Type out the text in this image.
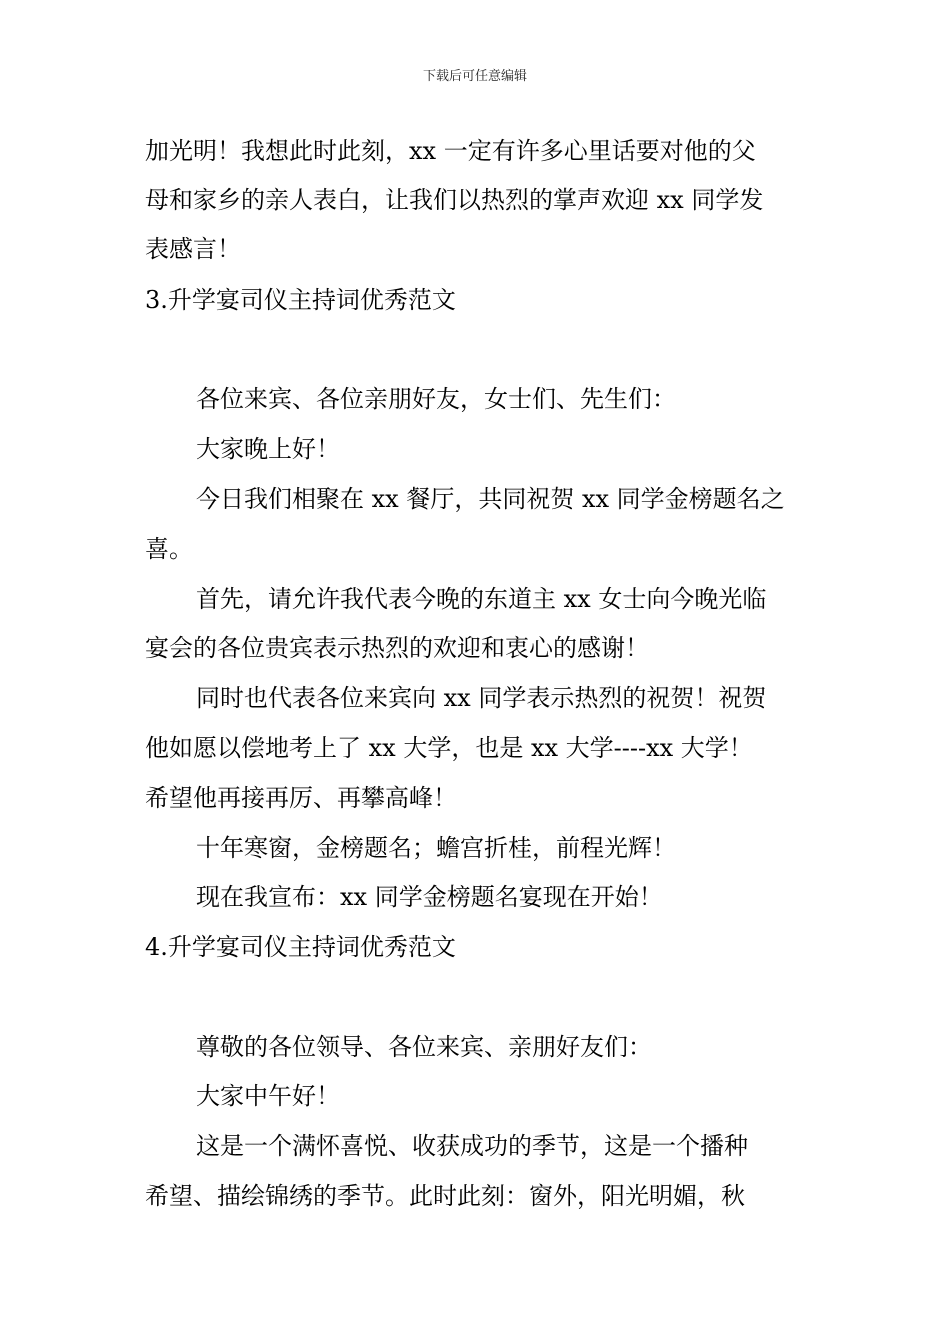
下载后可任意编辑
加光明！我想此时此刻，xx 一定有许多心里话要对他的父
母和家乡的亲人表白，让我们以热烈的掌声欢迎 xx 同学发
表感言！
3.升学宴司仪主持词优秀范文
各位来宾、各位亲朋好友，女士们、先生们：
大家晚上好！
今日我们相聚在 xx 餐厅，共同祝贺 xx 同学金榜题名之
喜。
首先，请允许我代表今晚的东道主 xx 女士向今晚光临
宴会的各位贵宾表示热烈的欢迎和衷心的感谢！
同时也代表各位来宾向 xx 同学表示热烈的祝贺！祝贺
他如愿以偿地考上了 xx 大学，也是 xx 大学----xx 大学！
希望他再接再厉、再攀高峰！
十年寒窗，金榜题名；蟾宫折桂，前程光辉！
现在我宣布：xx 同学金榜题名宴现在开始！
4.升学宴司仪主持词优秀范文
尊敬的各位领导、各位来宾、亲朋好友们：
大家中午好！
这是一个满怀喜悦、收获成功的季节，这是一个播种
希望、描绘锦绣的季节。此时此刻：窗外，阳光明媚，秋
